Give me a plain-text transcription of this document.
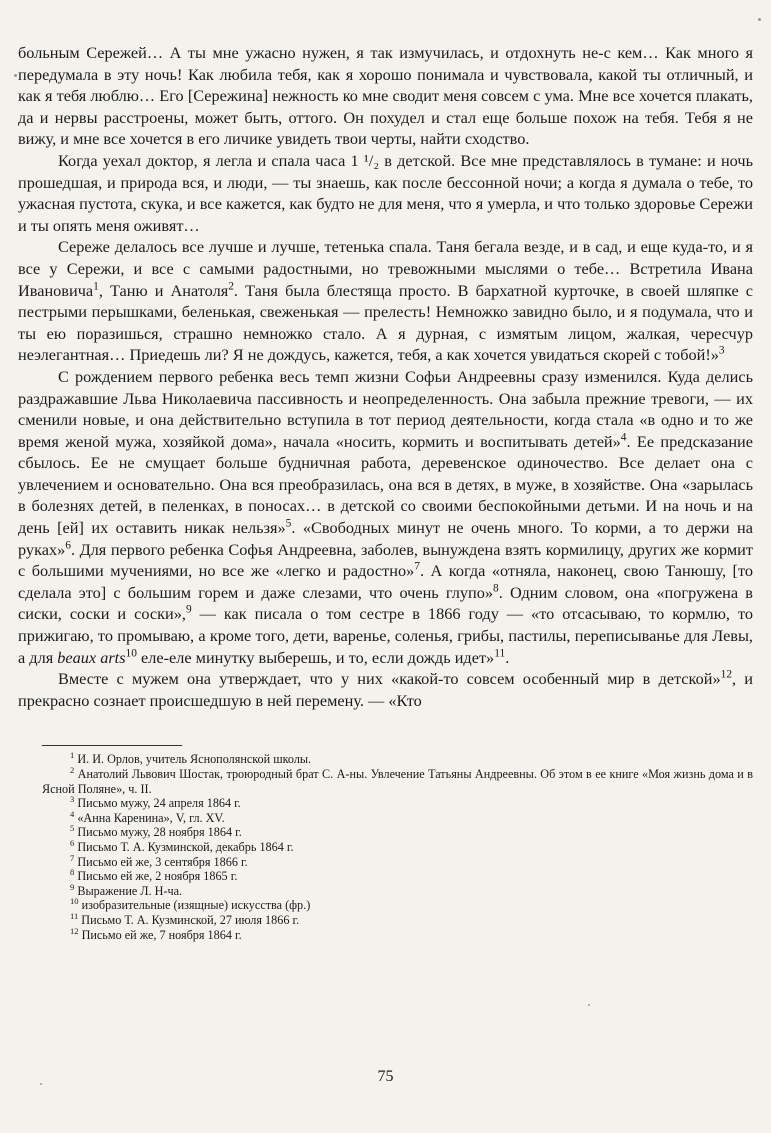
больным Сережей… А ты мне ужасно нужен, я так измучилась, и отдохнуть не-с кем… Как много я передумала в эту ночь! Как любила тебя, как я хорошо понимала и чувствовала, какой ты отличный, и как я тебя люблю… Его [Сережина] нежность ко мне сводит меня совсем с ума. Мне все хочется плакать, да и нервы расстроены, может быть, оттого. Он похудел и стал еще больше похож на тебя. Тебя я не вижу, и мне все хочется в его личике увидеть твои черты, найти сходство.

Когда уехал доктор, я легла и спала часа 1 ¹/₂ в детской. Все мне представлялось в тумане: и ночь прошедшая, и природа вся, и люди, — ты знаешь, как после бессонной ночи; а когда я думала о тебе, то ужасная пустота, скука, и все кажется, как будто не для меня, что я умерла, и что только здоровье Сережи и ты опять меня оживят…

Сереже делалось все лучше и лучше, тетенька спала. Таня бегала везде, и в сад, и еще куда-то, и я все у Сережи, и все с самыми радостными, но тревожными мыслями о тебе… Встретила Ивана Ивановича$^1$, Таню и Анатоля$^2$. Таня была блестяща просто. В бархатной курточке, в своей шляпке с пестрыми перышками, беленькая, свеженькая — прелесть! Немножко завидно было, и я подумала, что и ты ею поразишься, страшно немножко стало. А я дурная, с измятым лицом, жалкая, чересчур неэлегантная… Приедешь ли? Я не дождусь, кажется, тебя, а как хочется увидаться скорей с тобой!»$^3$

С рождением первого ребенка весь темп жизни Софьи Андреевны сразу изменился. Куда делись раздражавшие Льва Николаевича пассивность и неопределенность. Она забыла прежние тревоги, — их сменили новые, и она действительно вступила в тот период деятельности, когда стала «в одно и то же время женой мужа, хозяйкой дома», начала «носить, кормить и воспитывать детей»$^4$. Ее предсказание сбылось. Ее не смущает больше будничная работа, деревенское одиночество. Все делает она с увлечением и основательно. Она вся преобразилась, она вся в детях, в муже, в хозяйстве. Она «зарылась в болезнях детей, в пеленках, в поносах… в детской со своими беспокойными детьми. И на ночь и на день [ей] их оставить никак нельзя»$^5$. «Свободных минут не очень много. То корми, а то держи на руках»$^6$. Для первого ребенка Софья Андреевна, заболев, вынуждена взять кормилицу, других же кормит с большими мучениями, но все же «легко и радостно»$^7$. А когда «отняла, наконец, свою Танюшу, [то сделала это] с большим горем и даже слезами, что очень глупо»$^8$. Одним словом, она «погружена в сиски, соски и соски»,$^9$ — как писала о том сестре в 1866 году — «то отсасываю, то кормлю, то прижигаю, то промываю, а кроме того, дети, варенье, соленья, грибы, пастилы, переписыванье для Левы, а для beaux arts$^{10}$ еле-еле минутку выберешь, и то, если дождь идет»$^{11}$.

Вместе с мужем она утверждает, что у них «какой-то совсем особенный мир в детской»$^{12}$, и прекрасно сознает происшедшую в ней перемену. — «Кто

$^1$ И. И. Орлов, учитель Яснополянской школы.

$^2$ Анатолий Львович Шостак, троюродный брат С. А-ны. Увлечение Татьяны Андреевны. Об этом в ее книге «Моя жизнь дома и в Ясной Поляне», ч. II.

$^3$ Письмо мужу, 24 апреля 1864 г.

$^4$ «Анна Каренина», V, гл. XV.

$^5$ Письмо мужу, 28 ноября 1864 г.

$^6$ Письмо Т. А. Кузминской, декабрь 1864 г.

$^7$ Письмо ей же, 3 сентября 1866 г.

$^8$ Письмо ей же, 2 ноября 1865 г.

$^9$ Выражение Л. Н-ча.

$^{10}$ изобразительные (изящные) искусства (фр.)

$^{11}$ Письмо Т. А. Кузминской, 27 июля 1866 г.

$^{12}$ Письмо ей же, 7 ноября 1864 г.

75
